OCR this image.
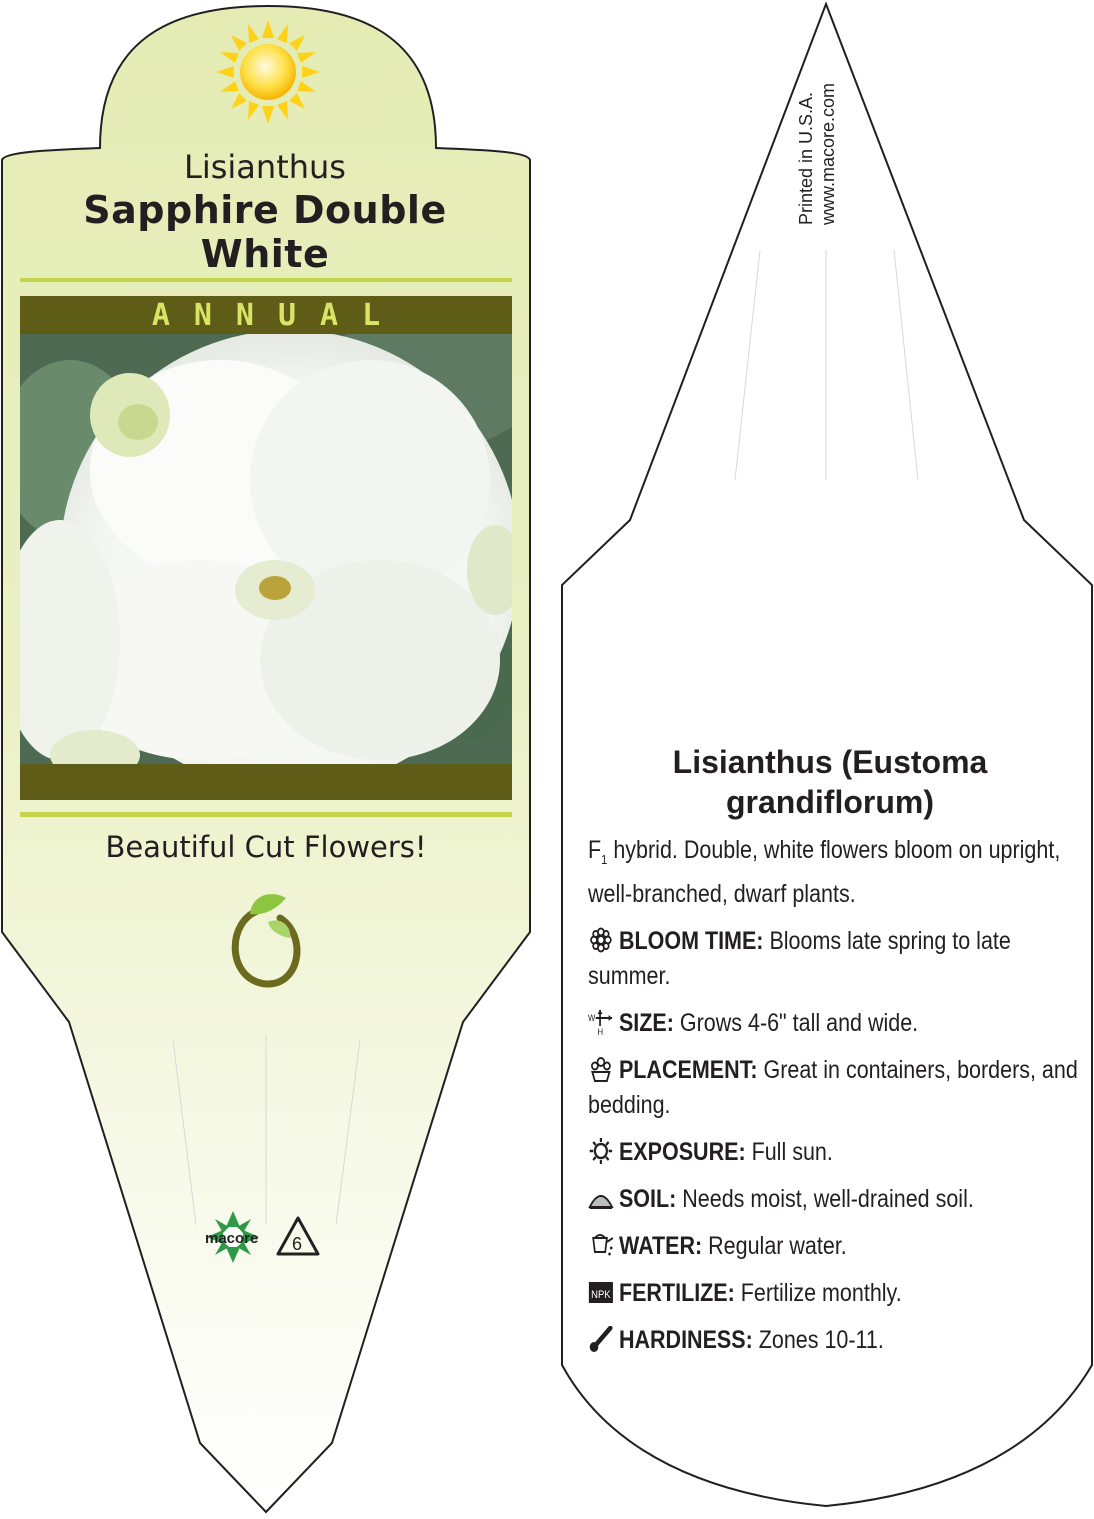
Lisianthus
Sapphire Double
White
ANNUAL
Beautiful Cut Flowers!
macore 6
Printed in U.S.A. www.macore.com
Lisianthus (Eustoma
grandiflorum)

$F_1$ hybrid. Double, white flowers bloom on upright, well-branched, dwarf plants.

BLOOM TIME: Blooms late spring to late summer.

W
H SIZE: Grows 4-6" tall and wide.

PLACEMENT: Great in containers, borders, and bedding.

EXPOSURE: Full sun.

SOIL: Needs moist, well-drained soil.

WATER: Regular water.

NPK FERTILIZE: Fertilize monthly.

HARDINESS: Zones 10-11.
